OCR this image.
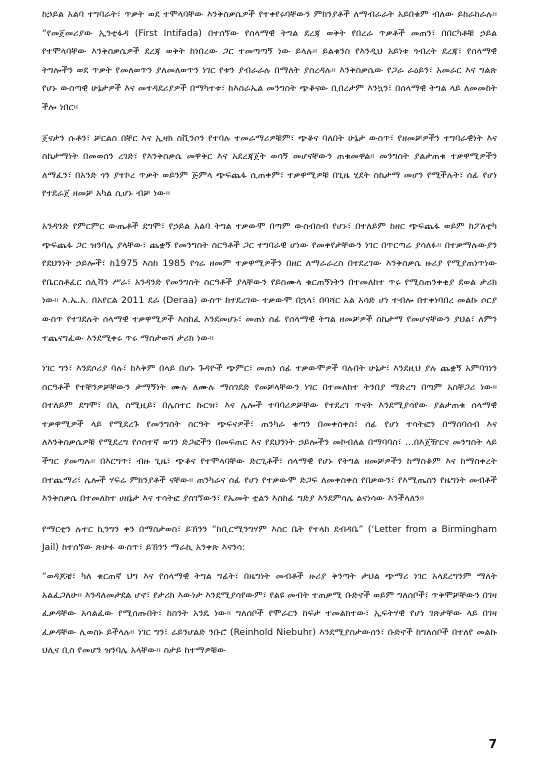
ከኃይል አልባ ተግባራት፣ ጥቃት ወደ ተሞላባቸው እንቅስቃሴዎች የተቀየሩባቸውን ምክንያቶች ለማብራራት አይበቁም ብለው ይከራከራሉ፡፡ “የመጀመሪያው ኢንቲፋዳ (First Intifada) በተሰኘው የሰላማዊ ትግል ደረጃ ወቅት የበረራ ጥቃቶች መጠን፣ በበርካቶቹ ኃይል የተሞላባቸው እንቅስቃሴዎች ደረጃ ወቅት ከነበረው ጋር ተመጣጣኝ ነው ይላሉ፡፡ ይልቁንስ የእንዲህ አይነቱ ጎብረት ደረጃ፣ የሰላማዊ ትግሎችን ወደ ጥቃት የመለወጥን ያለመለወጥን ነገር የቱን ያብራራሉ በማለት ያስረዳሉ፡፡ እንቅስቃሴው የጋራ ራዕይን፣ አመራር እና ግልጽ የሆኑ ውስጣዊ ሁኔታዎች እና መተዳደሪያዎች በማካተቱ፣ ከእስራኤል መንግስት ጭቆናው ቢበረታም እንኳን፣ በሰላማዊ ትግል ላይ ለመመከት ችሎ ነበር፡፡

ጀናታን ሱቶን፣ ቻርልስ በቸር እና ኢዛክ ስቪንሶን የተባሉ ተመራማሪዎቹም፣ ጭቆና ባለበት ሁኔታ ውስጥ፣ የዘመቻዎችን ተግባራዊነት እና ስኬታማነት በመወሰን ረገድ፣ የእንቅስቃሴ መዋቅር እና አደረጃጀት ወሳኝ መሆናቸውን ጠቁመዋል፡፡ መንግስት ያልታጠቁ ተቃዋሚዎችን ለማፈን፣ በአንድ ጎን ያተኮረ ጥቃት ወይንም ጅምላ ጭፍጨፋ ሲጠቀም፣ ተቃዋሚዎቹ በጊዜ ሂደት ስኬታማ መሆን የሚችሉት፣ ሰፊ የሆነ የተደራጀ ዘመቻ አካል ሲሆኑ ብቻ ነው፡፡

አንዳንድ የምርምር ውጤቶች ደግሞ፣ የኃይል አልባ ትግል ተቃውሞ በጣም ውስብስብ የሆኑ፣ በተለይም ከዘር ጭፍጨፋ ወይም ከፖለቲካ ጭፍጨፋ ጋር ዝንባሌ ያላቸው፣ ጨቋኝ የመንግስት ስርዓቶች ጋር ተግባራዊ ሆነው የመቀየታቸውን ነገር በጥርጣሬ ያሳለፉ፡፡ በተቃማሉውያን የደህንነት ኃይሎች፣ ከ1975 እስከ 1985 የጎሬ ዘመም ተቃዋሚዎችን በዘር ለማራራረስ በተደረገው እንቅስቃሴ ዙሪያ የሚያጠነጥነው የቤርስቶፈር ሰሊቫን ሥራ፣ አንዳንድ የመንግስት ስርዓቶች ያላቸውን የይስሙላ ቁርጠኝነትን በተመለከተ ጥሩ የሚስጠንቀቂያ ደወል ታሪክ ነው፡፡ እ.ኤ.አ. በአየርል 2011 ደራ (Deraa) ውስጥ ከተደረገው ተቃውሞ በኋላ፣ በባሻር አል አሳድ ሆነ ተብሎ በተቀነባበረ መልኩ ሶርያ ውስጥ የተገደሉት ሰላማዊ ተቃዋሚዎች እስከፈ እንደመሆኑ፣ መጠነ ሰፊ የሰላማዊ ትግል ዘመቻዎች ስኬታማ የመሆናቸውን ያህል፣ ለምን ተጨናግፈው እንደሚቀሩ ጥሩ ማስታወሻ ታሪክ ነው፡፡

ነገር ግን፣ እንደሶሪያ ባሉ፣ ከእቅም በላይ በሆኑ ጉዳዮች ጭምር፣ መጠነ ሰፊ ተቃውሞዎች ባሉበት ሁኔታ፣ እንደዚህ ያሉ ጨቋኝ አምባገነን ስርዓቶች የተቸንዎቻቸውን ታማኝነት ሙሉ ለሙሉ ማስገደድ የመቻላቸውን ነገር በተመለከተ ትንበያ ማድረግ በጣም አስቸጋሪ ነው፡፡ በተለይም ደግሞ፣ በሊ ስሚዚይ፣ በሌስተር ኩርዝ፣ እና ሌሎች ተባባሪዎቻቸው የተደረገ ጥናት እንደሚያሳየው ያልታጠቁ ሰላማዊ ተቃዋሚዎች ላይ የሚደረጉ የመንግስት ስርዓት ጭፍናዎች፣ ጠንካራ ቁጣን በመቀስቀስ፣ ሰፊ የሆነ ተሳትፎን በማሰባሰብ እና ለእንቅስቃሴዎቹ የሚደረግ የሶስተኛ ወገን ድጋፎችን በመፍጠር እና የደህንነት ኃይሎችን መኮብለል በማባባስ፣ ...በእጀዥርና መንግስት ላይ ችግር ያመጣሉ፡፡ በእርግጥ፣ ብዙ ጊዜ፣ ጭቆና የተሞላባቸው ድርጊቶች፣ ሰላማዊ የሆኑ የትግል ዘመቻዎችን ከማስቆም እና ከማስቀረት በተጨማሪ፣ ሌሎች ሃፍሬ ምክንያቶች ናቸው፡፡ ጠንካራና ሰፊ የሆነ የተቃውሞ ድጋፍ ለመቀስቀስ የበቃውን፣ የእሚጤስን የዜግነት መብቶች እንቅስቃሴ በተመለከተ ሀዘኔታ እና ተሳትፎ ያስገኘውን፣ የኤመት ቲልን እስከፊ ግድያ እንደምሳሌ ልናነሳው እንችላለን፡፡

የማርቲን ሉተር ኪንግን ቀን በማስታወስ፣ ይኸንን “ከቢርሚንግሃም እስር ቤት የተላከ ደብዳቤ” (‘Letter from a Birmingham Jail) ከተሰኘው ጽሁፉ ውስጥ፣ ይኸንን ማራኪ አንቀጽ እናንሳ:

“ወዳጆቼ፣ ካለ ቁርጠኛ ህግ እና የሰላማዊ ትግል ግፊት፣ በዜግነት መብቶች ዙሪያ ቅንጣት ታህል ጭማሪ ነገር አላደረግንም ማለት አልፈጋለሁ፡፡ እንዳለመታደል ሆኖ፣ የታሪክ እውነታ እንደሚያሳየውም፣ የልዩ መብት ተጠቃሚ ቡድኖች ወይም ግለሰቦች፣ ጥቅሞቻቸውን በገዛ ፈቃዳቸው አሳልፈው የሚሰጡበት፣ ከስንት አንዴ ነው፡፡ ግለሰቦች የሞራርን ከፍታ ተመልክተው፣ ኢፍትሃዊ የሆነ ገጽታቸው ላይ በገዛ ፈቃዳቸው ሊወስኑ ይችላሉ፡፡ ነገር ግን፣ ሬይንሆልድ ንቡሮ (Reinhold Niebuhr) እንደሚያስታውሰን፣ ቡድኖች ከግለሰቦች በተለየ መልኩ ህሊና ቢስ የመሆን ዝንባሌ አላቸው፡፡ ስታይ ከተማዎቹው

7
